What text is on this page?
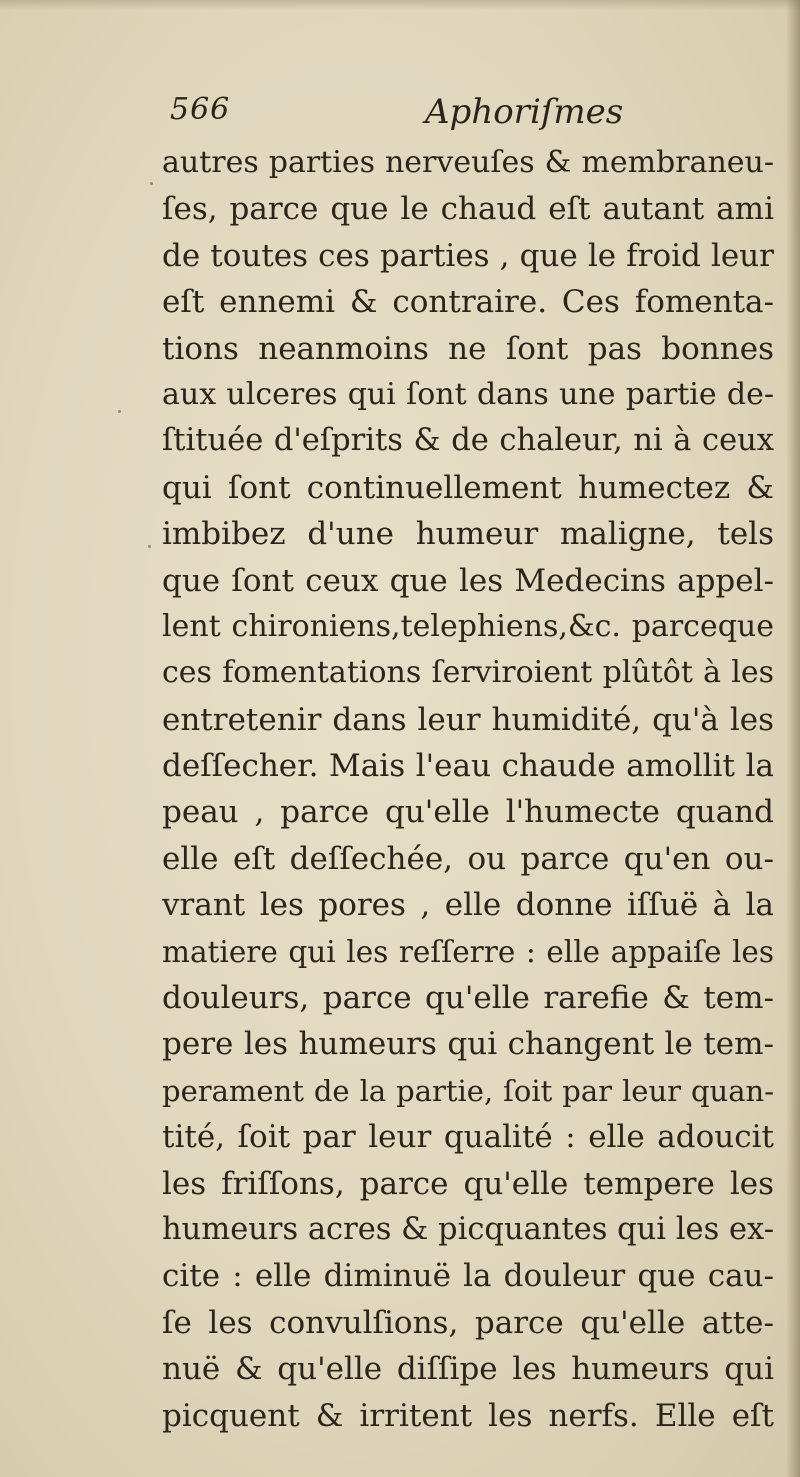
566	Aphoriſmes
autres parties nerveuſes & membraneu-
ſes, parce que le chaud eſt autant ami
de toutes ces parties , que le froid leur
eſt ennemi & contraire. Ces fomenta-
tions neanmoins ne ſont pas bonnes
aux ulceres qui ſont dans une partie de-
ſtituée d'eſprits & de chaleur, ni à ceux
qui ſont continuellement humectez &
imbibez d'une humeur maligne, tels
que ſont ceux que les Medecins appel-
lent chironiens,telephiens,&c. parceque
ces fomentations ſerviroient plûtôt à les
entretenir dans leur humidité, qu'à les
deſſecher. Mais l'eau chaude amollit la
peau , parce qu'elle l'humecte quand
elle eſt deſſechée, ou parce qu'en ou-
vrant les pores , elle donne iſſuë à la
matiere qui les reſſerre : elle appaiſe les
douleurs, parce qu'elle rarefie & tem-
pere les humeurs qui changent le tem-
perament de la partie, ſoit par leur quan-
tité, ſoit par leur qualité : elle adoucit
les friſſons, parce qu'elle tempere les
humeurs acres & picquantes qui les ex-
cite : elle diminuë la douleur que cau-
ſe les convulſions, parce qu'elle atte-
nuë & qu'elle diſſipe les humeurs qui
picquent & irritent les nerfs. Elle eſt
